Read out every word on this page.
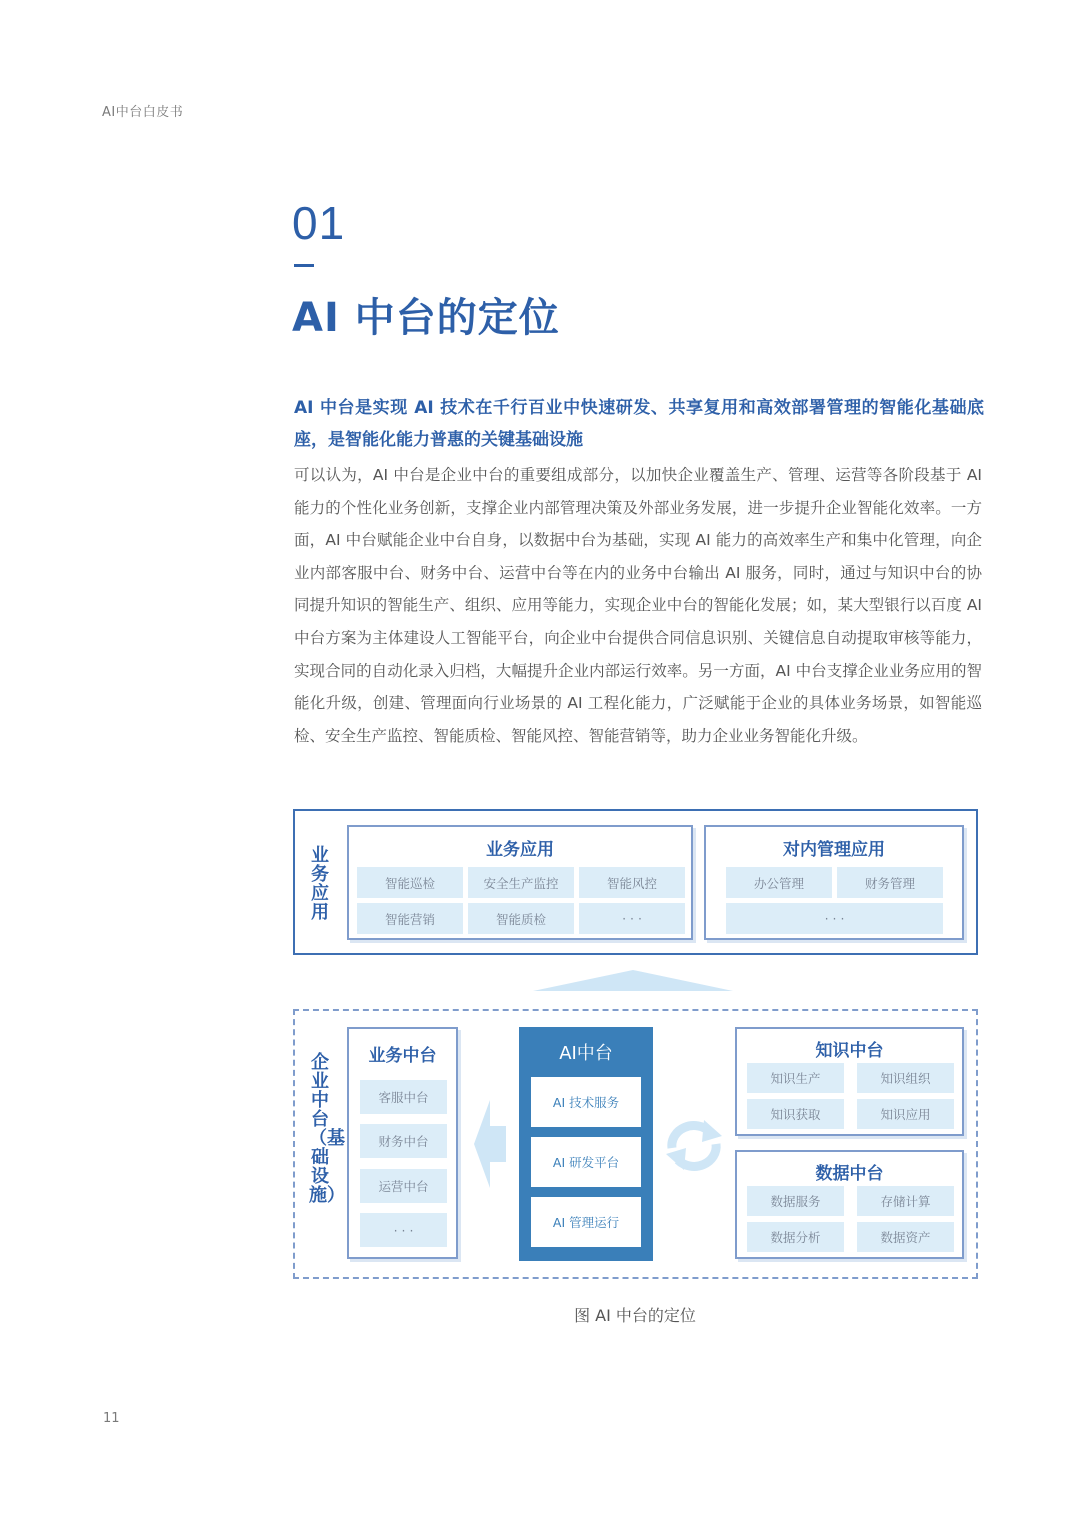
AI中台白皮书
01
AI 中台的定位
AI 中台是实现 AI 技术在千行百业中快速研发、共享复用和高效部署管理的智能化基础底座，是智能化能力普惠的关键基础设施
可以认为，AI 中台是企业中台的重要组成部分，以加快企业覆盖生产、管理、运营等各阶段基于 AI 能力的个性化业务创新，支撑企业内部管理决策及外部业务发展，进一步提升企业智能化效率。一方面，AI 中台赋能企业中台自身，以数据中台为基础，实现 AI 能力的高效率生产和集中化管理，向企业内部客服中台、财务中台、运营中台等在内的业务中台输出 AI 服务，同时，通过与知识中台的协同提升知识的智能生产、组织、应用等能力，实现企业中台的智能化发展；如，某大型银行以百度 AI 中台方案为主体建设人工智能平台，向企业中台提供合同信息识别、关键信息自动提取审核等能力，实现合同的自动化录入归档，大幅提升企业内部运行效率。另一方面，AI 中台支撑企业业务应用的智能化升级，创建、管理面向行业场景的 AI 工程化能力，广泛赋能于企业的具体业务场景，如智能巡检、安全生产监控、智能质检、智能风控、智能营销等，助力企业业务智能化升级。
业务应用
业务应用
智能巡检	安全生产监控	智能风控
智能营销	智能质检	· · ·
对内管理应用
办公管理	财务管理
· · ·
企业中台（基础设施）
业务中台
客服中台
财务中台
运营中台
· · ·
AI中台
AI 技术服务
AI 研发平台
AI 管理运行
知识中台
知识生产	知识组织
知识获取	知识应用
数据中台
数据服务	存储计算
数据分析	数据资产
图 AI 中台的定位
11
